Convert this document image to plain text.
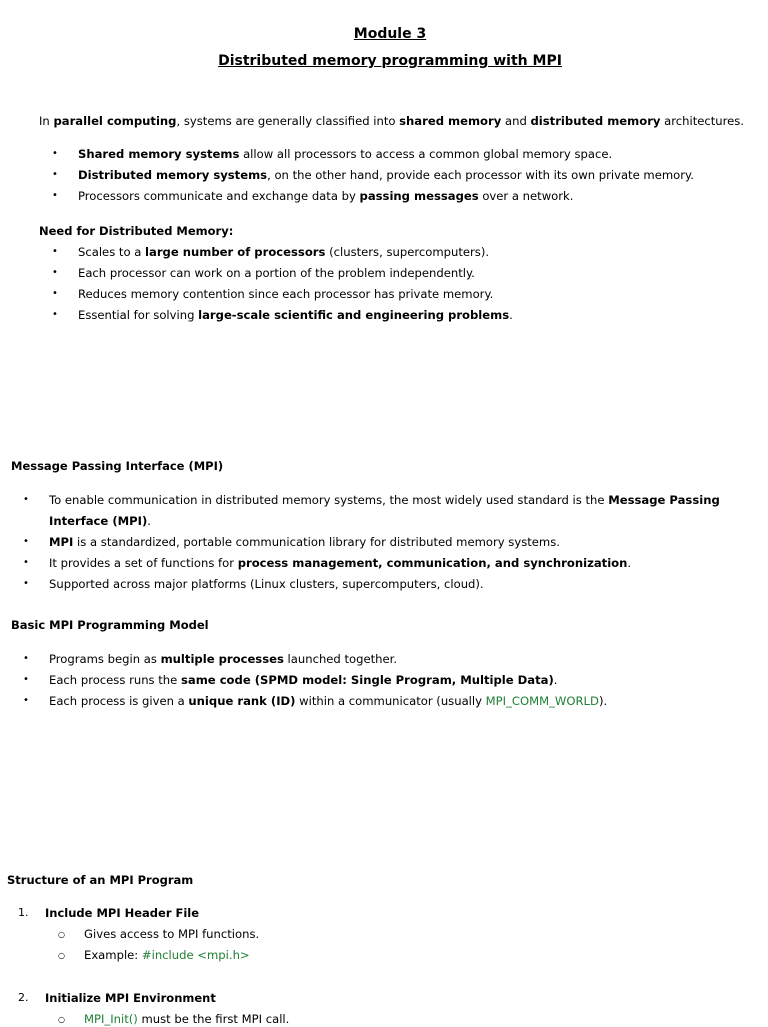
Module 3
Distributed memory programming with MPI

In parallel computing, systems are generally classified into shared memory and distributed memory architectures.

• Shared memory systems allow all processors to access a common global memory space.

• Distributed memory systems, on the other hand, provide each processor with its own private memory.

• Processors communicate and exchange data by passing messages over a network.

Need for Distributed Memory:

• Scales to a large number of processors (clusters, supercomputers).

• Each processor can work on a portion of the problem independently.

• Reduces memory contention since each processor has private memory.

• Essential for solving large-scale scientific and engineering problems.

Message Passing Interface (MPI)

• To enable communication in distributed memory systems, the most widely used standard is the Message Passing

Interface (MPI).

• MPI is a standardized, portable communication library for distributed memory systems.

• It provides a set of functions for process management, communication, and synchronization.

• Supported across major platforms (Linux clusters, supercomputers, cloud).

Basic MPI Programming Model

• Programs begin as multiple processes launched together.

• Each process runs the same code (SPMD model: Single Program, Multiple Data).

• Each process is given a unique rank (ID) within a communicator (usually MPI_COMM_WORLD).

Structure of an MPI Program

1. Include MPI Header File

○ Gives access to MPI functions.

○ Example: #include <mpi.h>

2. Initialize MPI Environment

○ MPI_Init() must be the first MPI call.
